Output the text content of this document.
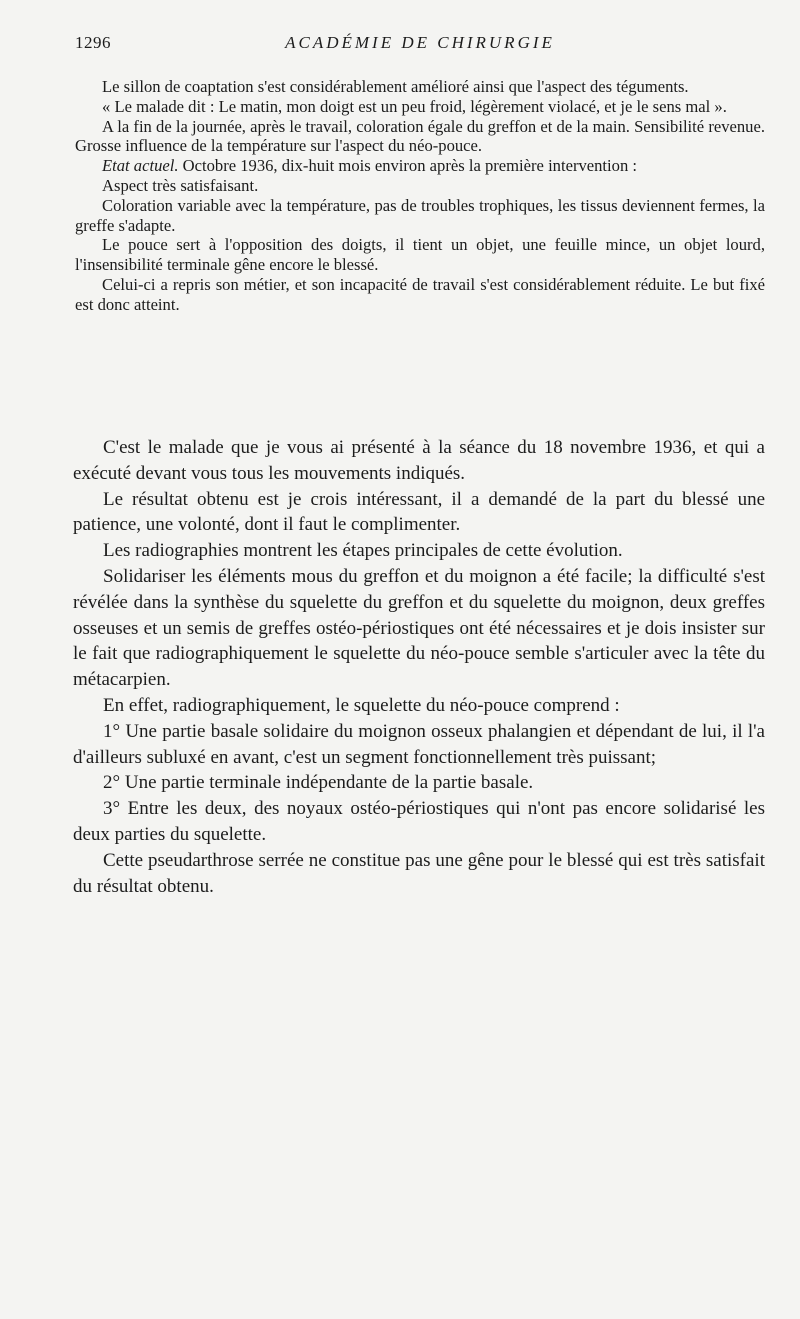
1296	ACADÉMIE DE CHIRURGIE

Le sillon de coaptation s'est considérablement amélioré ainsi que l'aspect des téguments.

« Le malade dit : Le matin, mon doigt est un peu froid, légèrement violacé, et je le sens mal ».

A la fin de la journée, après le travail, coloration égale du greffon et de la main. Sensibilité revenue. Grosse influence de la température sur l'aspect du néo-pouce.

Etat actuel. Octobre 1936, dix-huit mois environ après la première intervention :

Aspect très satisfaisant.

Coloration variable avec la température, pas de troubles trophiques, les tissus deviennent fermes, la greffe s'adapte.

Le pouce sert à l'opposition des doigts, il tient un objet, une feuille mince, un objet lourd, l'insensibilité terminale gêne encore le blessé.

Celui-ci a repris son métier, et son incapacité de travail s'est considérablement réduite. Le but fixé est donc atteint.

C'est le malade que je vous ai présenté à la séance du 18 novembre 1936, et qui a exécuté devant vous tous les mouvements indiqués.

Le résultat obtenu est je crois intéressant, il a demandé de la part du blessé une patience, une volonté, dont il faut le complimenter.

Les radiographies montrent les étapes principales de cette évolution.

Solidariser les éléments mous du greffon et du moignon a été facile; la difficulté s'est révélée dans la synthèse du squelette du greffon et du squelette du moignon, deux greffes osseuses et un semis de greffes ostéo-périostiques ont été nécessaires et je dois insister sur le fait que radiographiquement le squelette du néo-pouce semble s'articuler avec la tête du métacarpien.

En effet, radiographiquement, le squelette du néo-pouce comprend :

1° Une partie basale solidaire du moignon osseux phalangien et dépendant de lui, il l'a d'ailleurs subluxé en avant, c'est un segment fonctionnellement très puissant;

2° Une partie terminale indépendante de la partie basale.

3° Entre les deux, des noyaux ostéo-périostiques qui n'ont pas encore solidarisé les deux parties du squelette.

Cette pseudarthrose serrée ne constitue pas une gêne pour le blessé qui est très satisfait du résultat obtenu.
